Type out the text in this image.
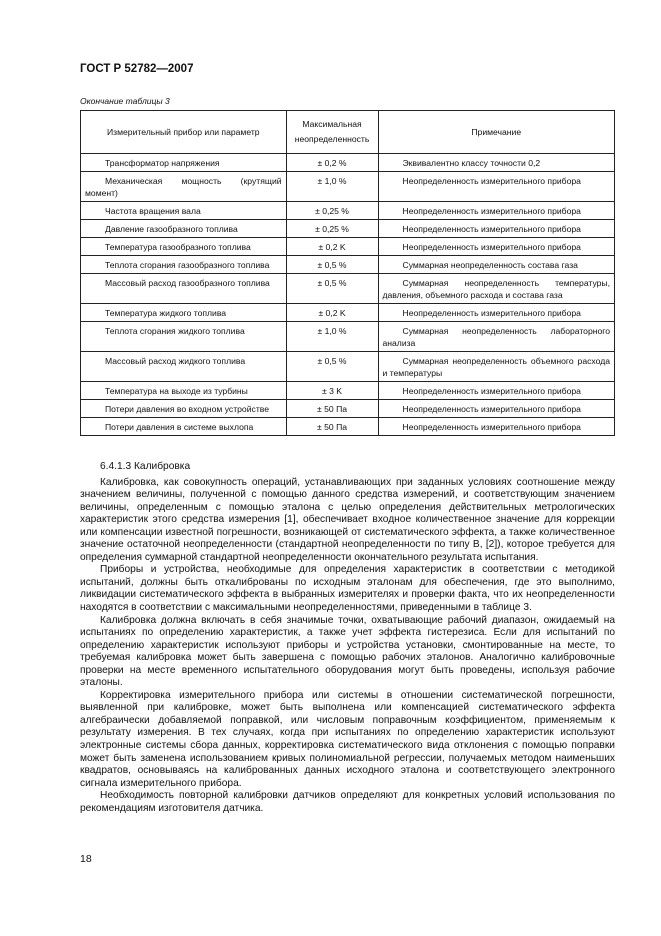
ГОСТ Р 52782—2007
Окончание таблицы 3
Измерительный прибор или параметр	Максимальная неопределенность	Примечание
Трансформатор напряжения	± 0,2 %	Эквивалентно классу точности 0,2
Механическая мощность (крутящий момент)	± 1,0 %	Неопределенность измерительного прибора
Частота вращения вала	± 0,25 %	Неопределенность измерительного прибора
Давление газообразного топлива	± 0,25 %	Неопределенность измерительного прибора
Температура газообразного топлива	± 0,2 K	Неопределенность измерительного прибора
Теплота сгорания газообразного топлива	± 0,5 %	Суммарная неопределенность состава газа
Массовый расход газообразного топлива	± 0,5 %	Суммарная неопределенность температуры, давления, объемного расхода и состава газа
Температура жидкого топлива	± 0,2 K	Неопределенность измерительного прибора
Теплота сгорания жидкого топлива	± 1,0 %	Суммарная неопределенность лабораторного анализа
Массовый расход жидкого топлива	± 0,5 %	Суммарная неопределенность объемного расхода и температуры
Температура на выходе из турбины	± 3 K	Неопределенность измерительного прибора
Потери давления во входном устройстве	± 50 Па	Неопределенность измерительного прибора
Потери давления в системе выхлопа	± 50 Па	Неопределенность измерительного прибора

6.4.1.3 Калибровка

Калибровка, как совокупность операций, устанавливающих при заданных условиях соотношение между значением величины, полученной с помощью данного средства измерений, и соответствующим значением величины, определенным с помощью эталона с целью определения действительных метрологических характеристик этого средства измерения [1], обеспечивает входное количественное значение для коррекции или компенсации известной погрешности, возникающей от систематического эффекта, а также количественное значение остаточной неопределенности (стандартной неопределенности по типу В, [2]), которое требуется для определения суммарной стандартной неопределенности окончательного результата испытания.

Приборы и устройства, необходимые для определения характеристик в соответствии с методикой испытаний, должны быть откалиброваны по исходным эталонам для обеспечения, где это выполнимо, ликвидации систематического эффекта в выбранных измерителях и проверки факта, что их неопределенности находятся в соответствии с максимальными неопределенностями, приведенными в таблице 3.

Калибровка должна включать в себя значимые точки, охватывающие рабочий диапазон, ожидаемый на испытаниях по определению характеристик, а также учет эффекта гистерезиса. Если для испытаний по определению характеристик используют приборы и устройства установки, смонтированные на месте, то требуемая калибровка может быть завершена с помощью рабочих эталонов. Аналогично калибровочные проверки на месте временного испытательного оборудования могут быть проведены, используя рабочие эталоны.

Корректировка измерительного прибора или системы в отношении систематической погрешности, выявленной при калибровке, может быть выполнена или компенсацией систематического эффекта алгебраически добавляемой поправкой, или числовым поправочным коэффициентом, применяемым к результату измерения. В тех случаях, когда при испытаниях по определению характеристик используют электронные системы сбора данных, корректировка систематического вида отклонения с помощью поправки может быть заменена использованием кривых полиномиальной регрессии, получаемых методом наименьших квадратов, основываясь на калиброванных данных исходного эталона и соответствующего электронного сигнала измерительного прибора.

Необходимость повторной калибровки датчиков определяют для конкретных условий использования по рекомендациям изготовителя датчика.

18
